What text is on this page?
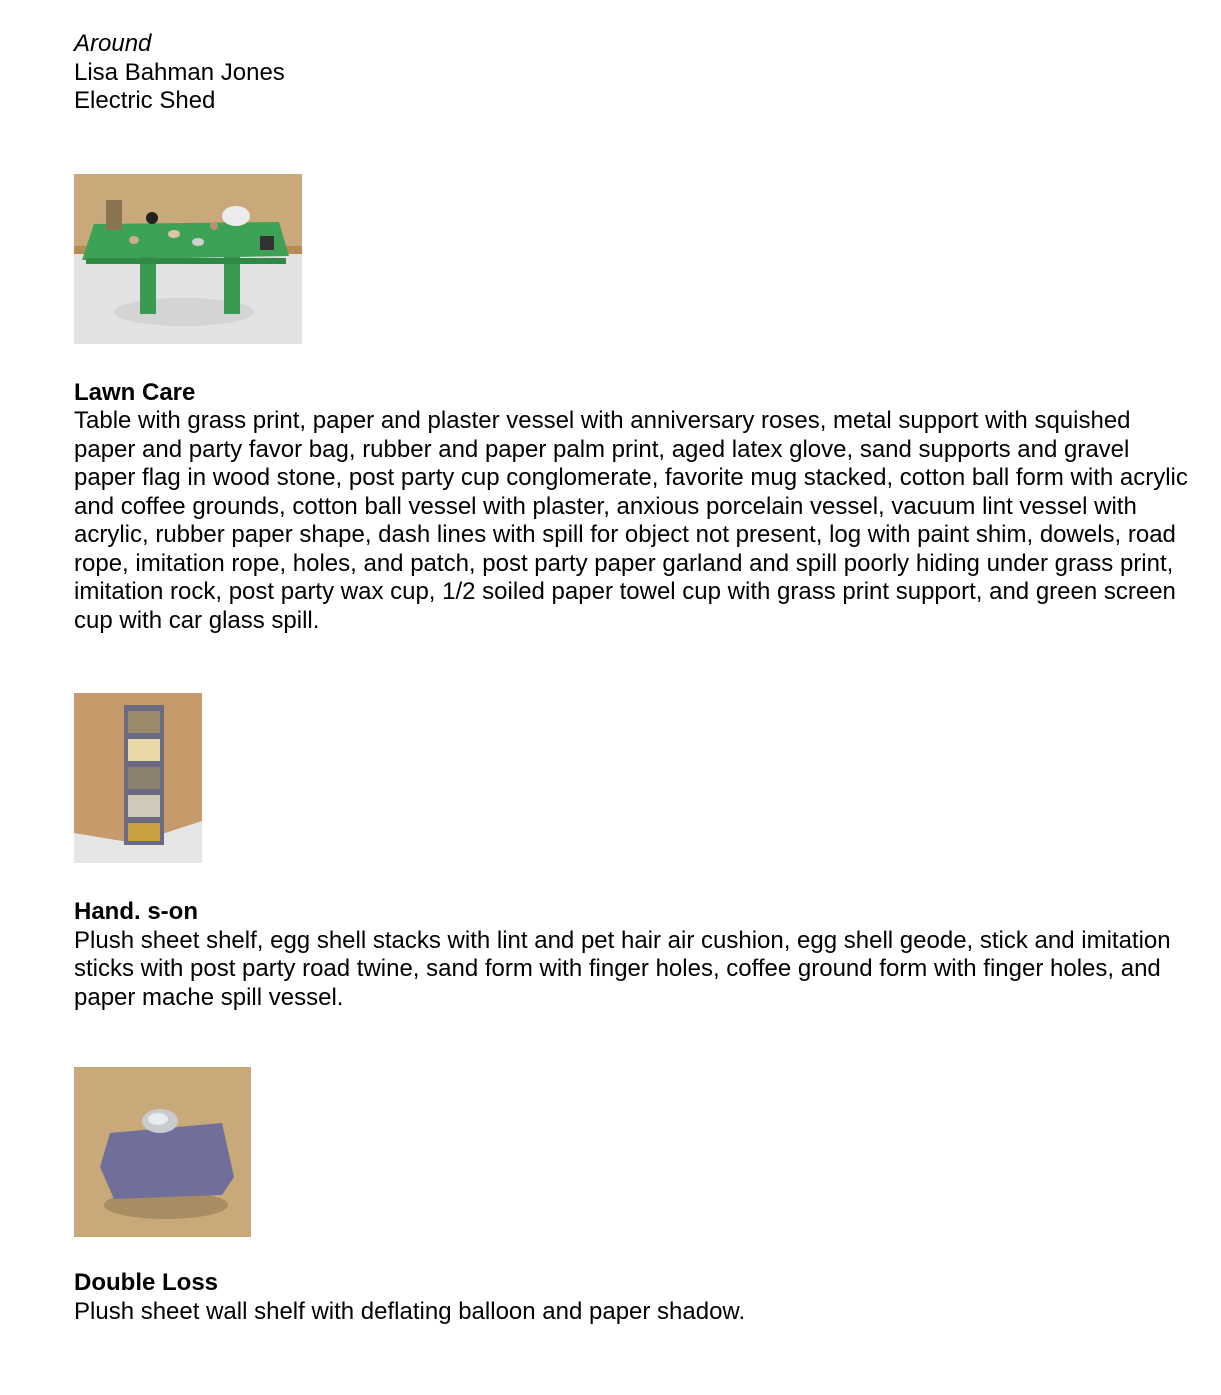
Around

Lisa Bahman Jones

Electric Shed

Lawn Care

Table with grass print, paper and plaster vessel with anniversary roses, metal support with squished paper and party favor bag, rubber and paper palm print, aged latex glove, sand supports and gravel paper flag in wood stone, post party cup conglomerate, favorite mug stacked, cotton ball form with acrylic and coffee grounds, cotton ball vessel with plaster, anxious porcelain vessel, vacuum lint vessel with acrylic, rubber paper shape, dash lines with spill for object not present, log with paint shim, dowels, road rope, imitation rope, holes, and patch, post party paper garland and spill poorly hiding under grass print, imitation rock, post party wax cup, 1/2 soiled paper towel cup with grass print support, and green screen cup with car glass spill.

Hand. s-on

Plush sheet shelf, egg shell stacks with lint and pet hair air cushion, egg shell geode, stick and imitation sticks with post party road twine, sand form with finger holes, coffee ground form with finger holes, and paper mache spill vessel.

Double Loss

Plush sheet wall shelf with deflating balloon and paper shadow.
